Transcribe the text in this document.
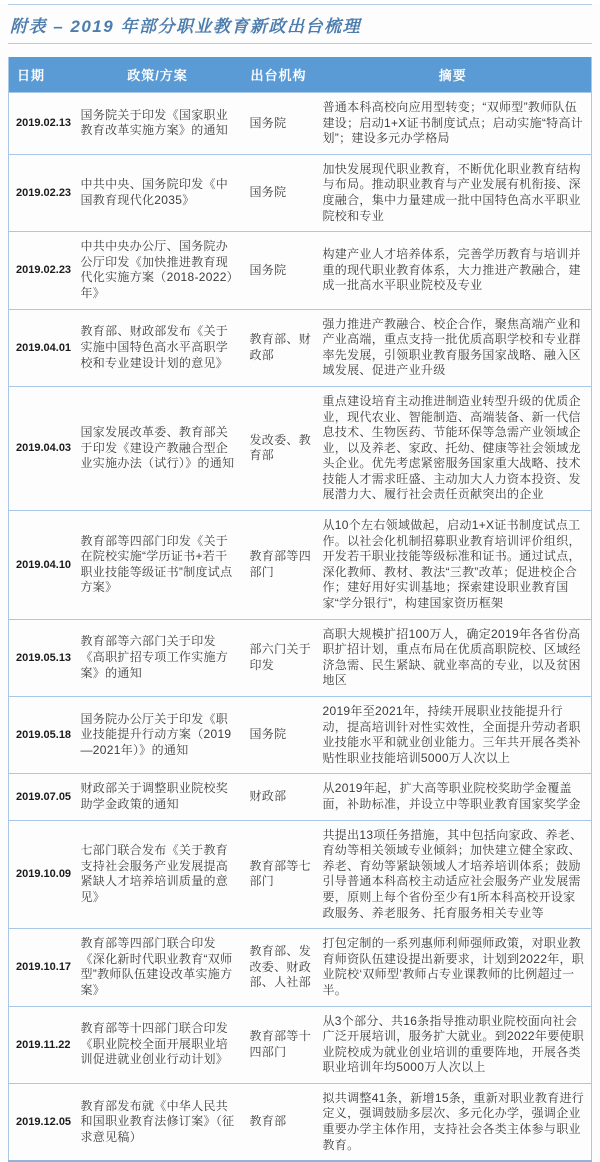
附表 – 2019 年部分职业教育新政出台梳理
日期	政策/方案	出台机构	摘要
2019.02.13	国务院关于印发《国家职业教育改革实施方案》的通知	国务院	普通本科高校向应用型转变；“双师型”教师队伍建设；启动1+X证书制度试点；启动实施“特高计划”；建设多元办学格局
2019.02.23	中共中央、国务院印发《中国教育现代化2035》	国务院	加快发展现代职业教育，不断优化职业教育结构与布局。推动职业教育与产业发展有机衔接、深度融合，集中力量建成一批中国特色高水平职业院校和专业
2019.02.23	中共中央办公厅、国务院办公厅印发《加快推进教育现代化实施方案（2018-2022）年》	国务院	构建产业人才培养体系，完善学历教育与培训并重的现代职业教育体系，大力推进产教融合，建成一批高水平职业院校及专业
2019.04.01	教育部、财政部发布《关于实施中国特色高水平高职学校和专业建设计划的意见》	教育部、财政部	强力推进产教融合、校企合作，聚焦高端产业和产业高端，重点支持一批优质高职学校和专业群率先发展，引领职业教育服务国家战略、融入区域发展、促进产业升级
2019.04.03	国家发展改革委、教育部关于印发《建设产教融合型企业实施办法（试行）》的通知	发改委、教育部	重点建设培育主动推进制造业转型升级的优质企业，现代农业、智能制造、高端装备、新一代信息技术、生物医药、节能环保等急需产业领域企业，以及养老、家政、托幼、健康等社会领域龙头企业。优先考虑紧密服务国家重大战略、技术技能人才需求旺盛、主动加大人力资本投资、发展潜力大、履行社会责任贡献突出的企业
2019.04.10	教育部等四部门印发《关于在院校实施“学历证书+若干职业技能等级证书”制度试点方案》	教育部等四部门	从10个左右领域做起，启动1+X证书制度试点工作。以社会化机制招募职业教育培训评价组织，开发若干职业技能等级标准和证书。通过试点，深化教师、教材、教法“三教”改革；促进校企合作；建好用好实训基地；探索建设职业教育国家“学分银行”，构建国家资历框架
2019.05.13	教育部等六部门关于印发《高职扩招专项工作实施方案》的通知	部六门关于印发	高职大规模扩招100万人，确定2019年各省份高职扩招计划，重点布局在优质高职院校、区域经济急需、民生紧缺、就业率高的专业，以及贫困地区
2019.05.18	国务院办公厅关于印发《职业技能提升行动方案（2019—2021年）》的通知	国务院	2019年至2021年，持续开展职业技能提升行动，提高培训针对性实效性，全面提升劳动者职业技能水平和就业创业能力。三年共开展各类补贴性职业技能培训5000万人次以上
2019.07.05	财政部关于调整职业院校奖助学金政策的通知	财政部	从2019年起，扩大高等职业院校奖助学金覆盖面，补助标准，并设立中等职业教育国家奖学金
2019.10.09	七部门联合发布《关于教育支持社会服务产业发展提高紧缺人才培养培训质量的意见》	教育部等七部门	共提出13项任务措施，其中包括向家政、养老、育幼等相关领域专业倾斜；加快建立健全家政、养老、育幼等紧缺领域人才培养培训体系；鼓励引导普通本科高校主动适应社会服务产业发展需要，原则上每个省份至少有1所本科高校开设家政服务、养老服务、托育服务相关专业等
2019.10.17	教育部等四部门联合印发《深化新时代职业教育“双师型”教师队伍建设改革实施方案》	教育部、发改委、财政部、人社部	打包定制的一系列惠师利师强师政策，对职业教育师资队伍建设提出新要求，计划到2022年，职业院校‘双师型’教师占专业课教师的比例超过一半。
2019.11.22	教育部等十四部门联合印发《职业院校全面开展职业培训促进就业创业行动计划》	教育部等十四部门	从3个部分、共16条指导推动职业院校面向社会广泛开展培训，服务扩大就业。到2022年要使职业院校成为就业创业培训的重要阵地，开展各类职业培训年均5000万人次以上
2019.12.05	教育部发布就《中华人民共和国职业教育法修订案》（征求意见稿）	教育部	拟共调整41条，新增15条，重新对职业教育进行定义，强调鼓励多层次、多元化办学，强调企业重要办学主体作用，支持社会各类主体参与职业教育。
